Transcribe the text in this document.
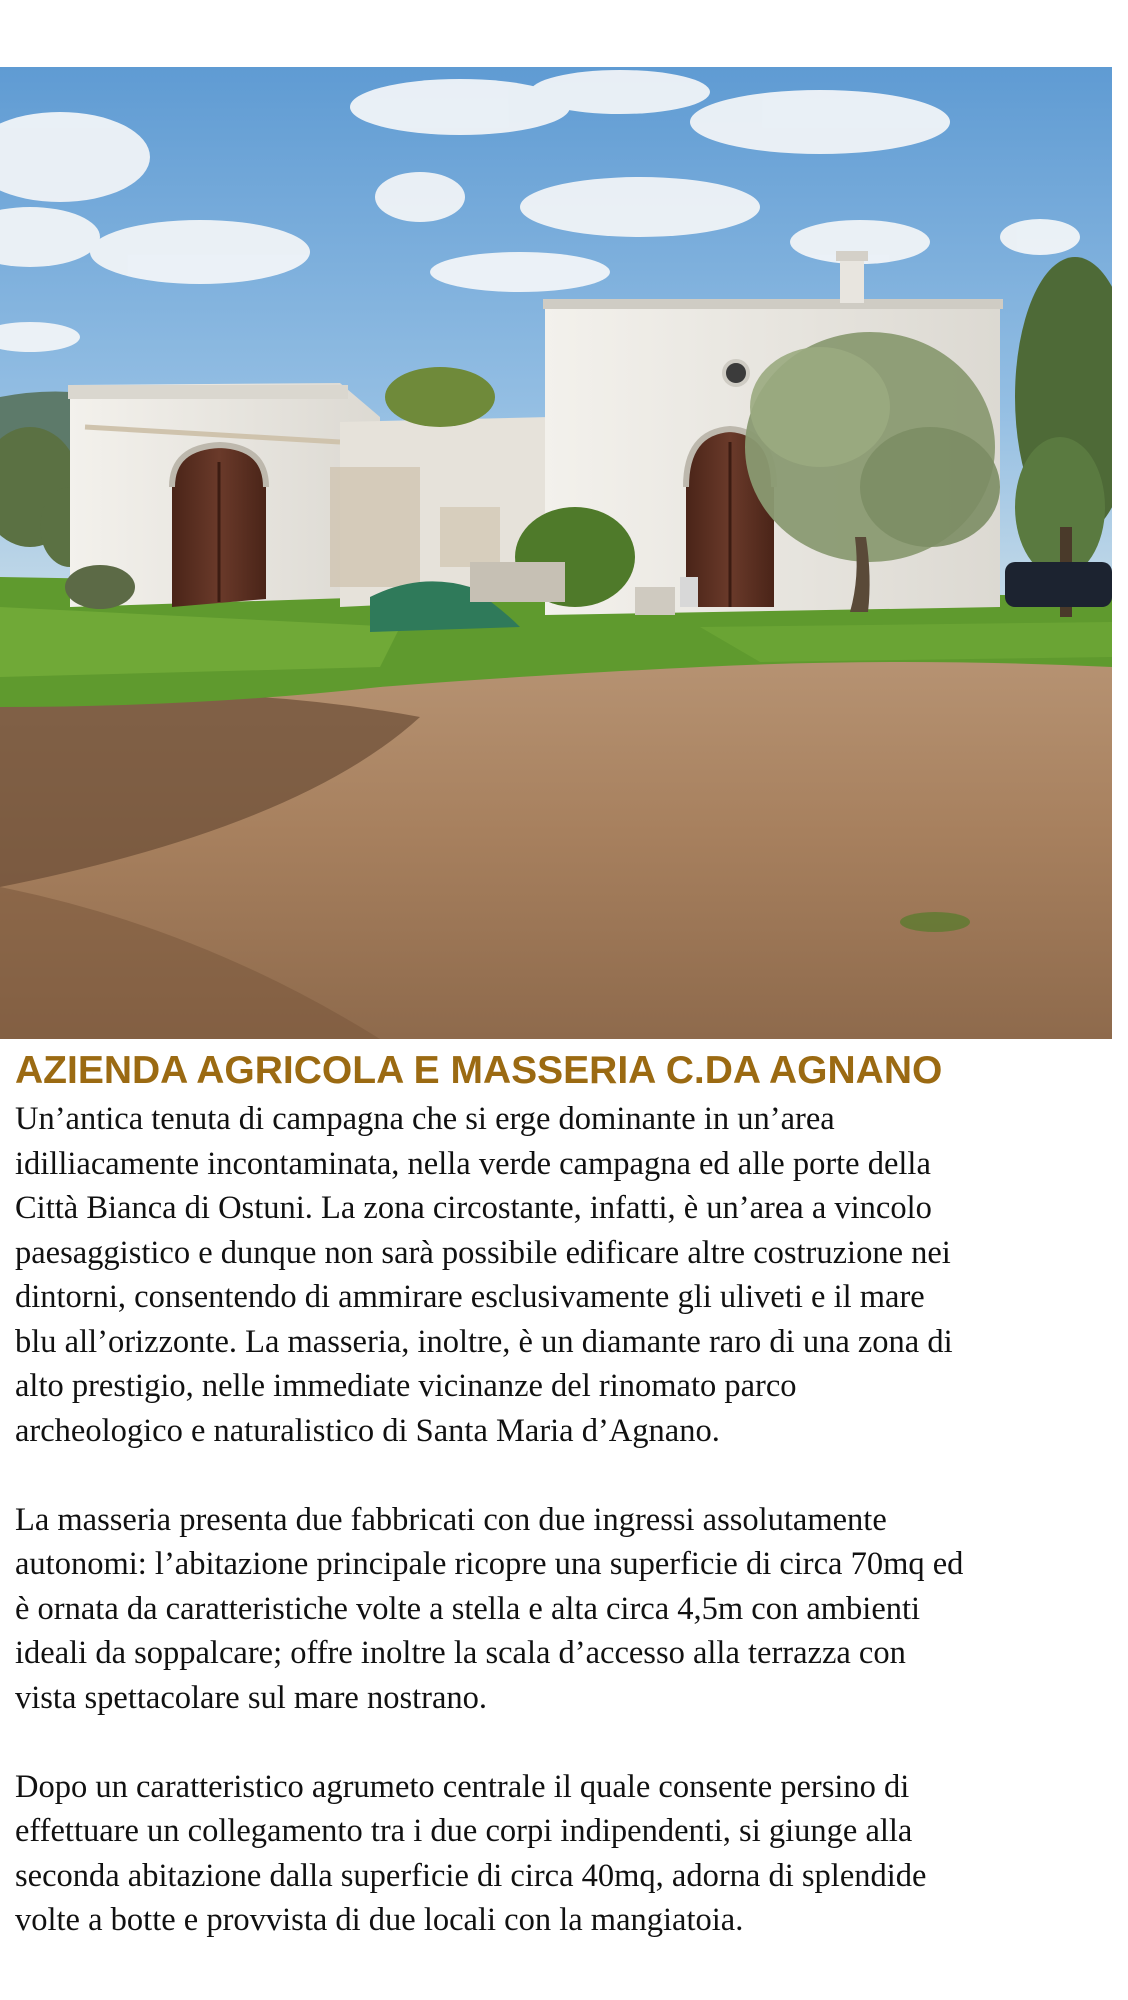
AZIENDA AGRICOLA E MASSERIA C.DA AGNANO

Un’antica tenuta di campagna che si erge dominante in un’area
idilliacamente incontaminata, nella verde campagna ed alle porte della
Città Bianca di Ostuni. La zona circostante, infatti, è un’area a vincolo
paesaggistico e dunque non sarà possibile edificare altre costruzione nei
dintorni, consentendo di ammirare esclusivamente gli uliveti e il mare
blu all’orizzonte. La masseria, inoltre, è un diamante raro di una zona di
alto prestigio, nelle immediate vicinanze del rinomato parco
archeologico e naturalistico di Santa Maria d’Agnano.

La masseria presenta due fabbricati con due ingressi assolutamente
autonomi: l’abitazione principale ricopre una superficie di circa 70mq ed
è ornata da caratteristiche volte a stella e alta circa 4,5m con ambienti
ideali da soppalcare; offre inoltre la scala d’accesso alla terrazza con
vista spettacolare sul mare nostrano.

Dopo un caratteristico agrumeto centrale il quale consente persino di
effettuare un collegamento tra i due corpi indipendenti, si giunge alla
seconda abitazione dalla superficie di circa 40mq, adorna di splendide
volte a botte e provvista di due locali con la mangiatoia.
